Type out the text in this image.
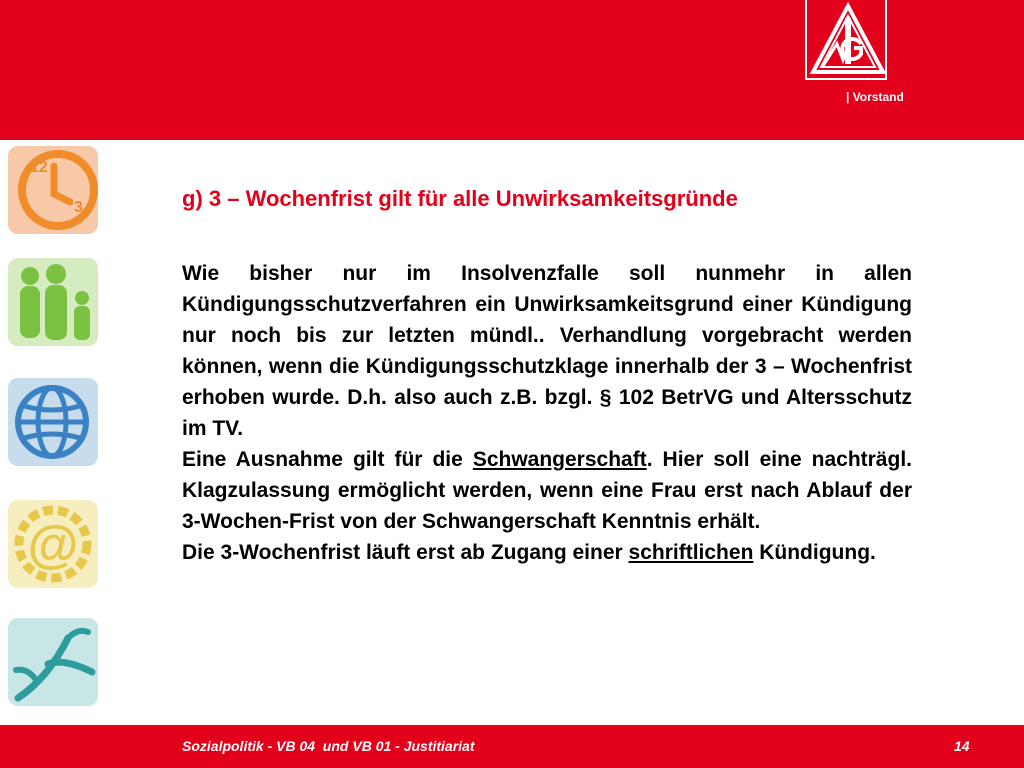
| Vorstand
12
3
@
g) 3 – Wochenfrist gilt für alle Unwirksamkeitsgründe

Wie bisher nur im Insolvenzfalle soll nunmehr in allen Kündigungsschutzverfahren ein Unwirksamkeitsgrund einer Kündigung nur noch bis zur letzten mündl.. Verhandlung vorgebracht werden können, wenn die Kündigungsschutzklage innerhalb der 3 – Wochenfrist erhoben wurde. D.h. also auch z.B. bzgl. § 102 BetrVG und Altersschutz im TV.

Eine Ausnahme gilt für die Schwangerschaft. Hier soll eine nachträgl. Klagzulassung ermöglicht werden, wenn eine Frau erst nach Ablauf der 3-Wochen-Frist von der Schwangerschaft Kenntnis erhält.

Die 3-Wochenfrist läuft erst ab Zugang einer schriftlichen Kündigung.

Sozialpolitik - VB 04  und VB 01 - Justitiariat	14
